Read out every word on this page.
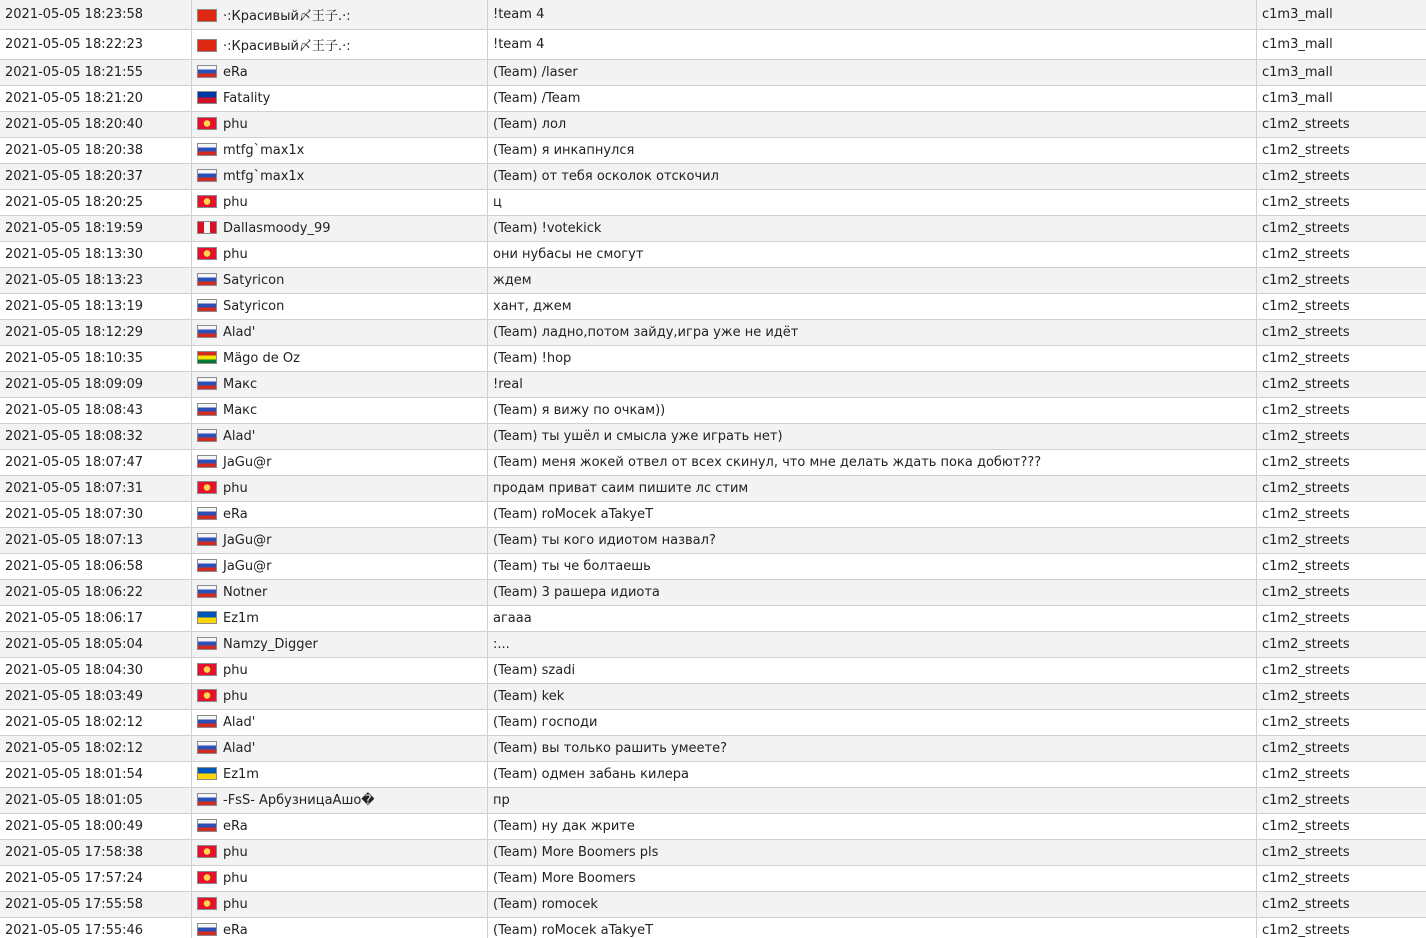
2021-05-05 18:23:58	·:Красивый〆王子.·:	!team 4	c1m3_mall
2021-05-05 18:22:23	·:Красивый〆王子.·:	!team 4	c1m3_mall
2021-05-05 18:21:55	eRa	(Team) /laser	c1m3_mall
2021-05-05 18:21:20	Fatality	(Team) /Team	c1m3_mall
2021-05-05 18:20:40	phu	(Team) лол	c1m2_streets
2021-05-05 18:20:38	mtfg`max1x	(Team) я инкапнулся	c1m2_streets
2021-05-05 18:20:37	mtfg`max1x	(Team) от тебя осколок отскочил	c1m2_streets
2021-05-05 18:20:25	phu	ц	c1m2_streets
2021-05-05 18:19:59	Dallasmoody_99	(Team) !votekick	c1m2_streets
2021-05-05 18:13:30	phu	они нубасы не смогут	c1m2_streets
2021-05-05 18:13:23	Satyricon	ждем	c1m2_streets
2021-05-05 18:13:19	Satyricon	хант, джем	c1m2_streets
2021-05-05 18:12:29	Alad'	(Team) ладно,потом зайду,игра уже не идёт	c1m2_streets
2021-05-05 18:10:35	Mägo de Oz	(Team) !hop	c1m2_streets
2021-05-05 18:09:09	Макс	!real	c1m2_streets
2021-05-05 18:08:43	Макс	(Team) я вижу по очкам))	c1m2_streets
2021-05-05 18:08:32	Alad'	(Team) ты ушёл и смысла уже играть нет)	c1m2_streets
2021-05-05 18:07:47	JaGu@r	(Team) меня жокей отвел от всех скинул, что мне делать ждать пока добют???	c1m2_streets
2021-05-05 18:07:31	phu	продам приват саим пишите лс стим	c1m2_streets
2021-05-05 18:07:30	eRa	(Team) roMocek aTakyeT	c1m2_streets
2021-05-05 18:07:13	JaGu@r	(Team) ты кого идиотом назвал?	c1m2_streets
2021-05-05 18:06:58	JaGu@r	(Team) ты че болтаешь	c1m2_streets
2021-05-05 18:06:22	Notner	(Team) 3 рашера идиота	c1m2_streets
2021-05-05 18:06:17	Ez1m	агааа	c1m2_streets
2021-05-05 18:05:04	Namzy_Digger	:...	c1m2_streets
2021-05-05 18:04:30	phu	(Team) szadi	c1m2_streets
2021-05-05 18:03:49	phu	(Team) kek	c1m2_streets
2021-05-05 18:02:12	Alad'	(Team) господи	c1m2_streets
2021-05-05 18:02:12	Alad'	(Team) вы только рашить умеете?	c1m2_streets
2021-05-05 18:01:54	Ez1m	(Team) одмен забань килера	c1m2_streets
2021-05-05 18:01:05	-FsS- АрбузницаАшо�	пр	c1m2_streets
2021-05-05 18:00:49	eRa	(Team) ну дак жрите	c1m2_streets
2021-05-05 17:58:38	phu	(Team) More Boomers pls	c1m2_streets
2021-05-05 17:57:24	phu	(Team) More Boomers	c1m2_streets
2021-05-05 17:55:58	phu	(Team) romocek	c1m2_streets
2021-05-05 17:55:46	eRa	(Team) roMocek aTakyeT	c1m2_streets
